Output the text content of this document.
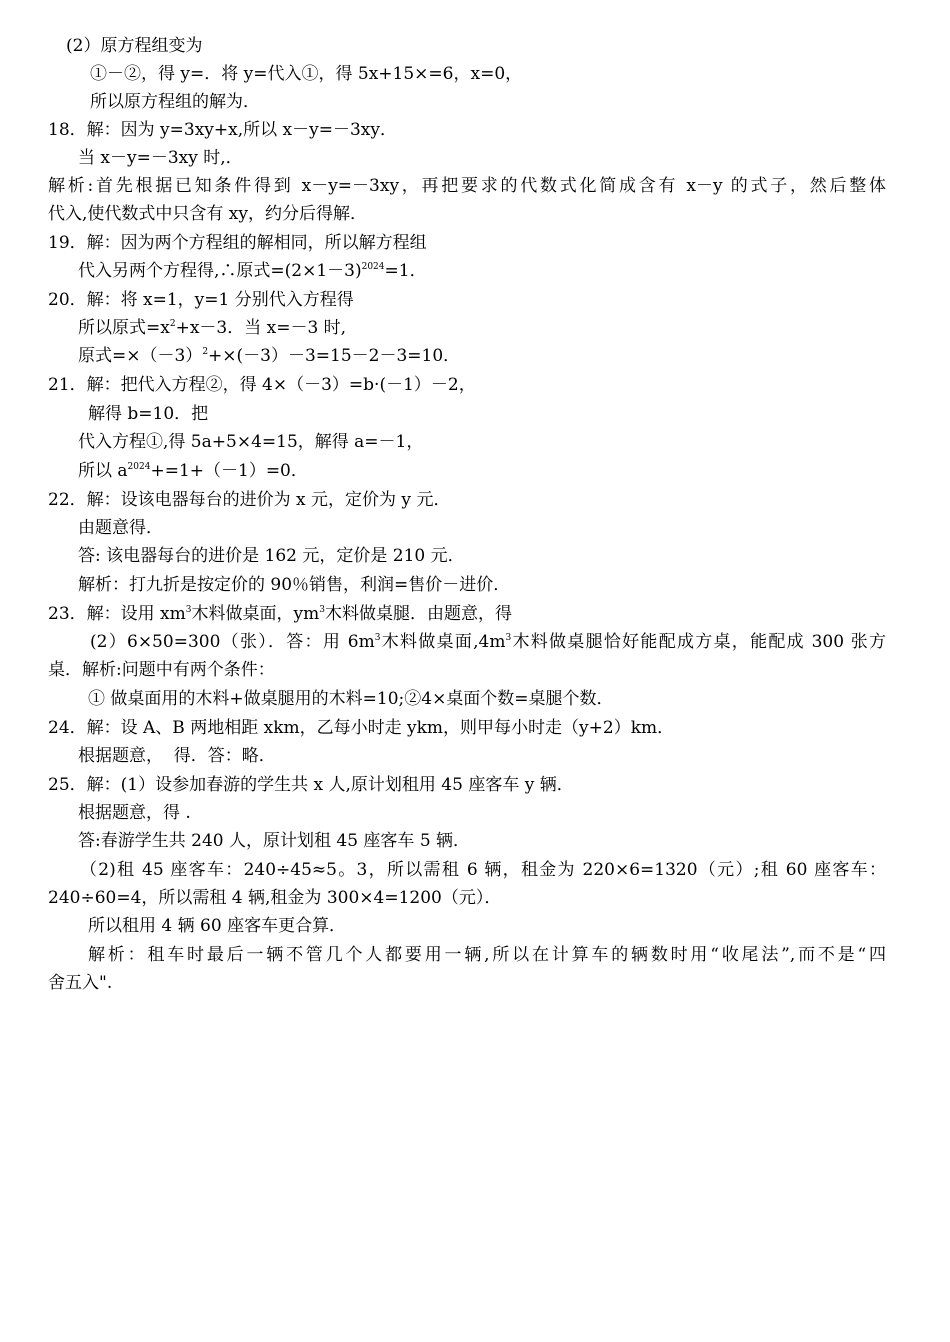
(2）原方程组变为
①－②，得 y=．将 y=代入①，得 5x+15×=6，x=0，
所以原方程组的解为．
18．解：因为 y=3xy+x,所以 x－y=－3xy．
当 x－y=－3xy 时,．
解析:首先根据已知条件得到 x－y=－3xy，再把要求的代数式化简成含有 x－y 的式子，然后整体
代入,使代数式中只含有 xy，约分后得解．
19．解：因为两个方程组的解相同，所以解方程组
代入另两个方程得,∴原式$=(2\times 1-3)^{2024}=1$．
20．解：将 x=1，y=1 分别代入方程得
所以原式$=x^2+x-3$．当 x=－3 时,
原式$=\times(-3)^2+\times(-3)-3=15-2-3=10$．
21．解：把代入方程②，得 4×（－3）=b·(－1）－2，
解得 b=10．把
代入方程①,得 5a+5×4=15，解得 a=－1，
所以 $a^{2024}+=1+(-1)=0$．
22．解：设该电器每台的进价为 x 元，定价为 y 元．
由题意得．
答: 该电器每台的进价是 162 元，定价是 210 元．
解析：打九折是按定价的 90％销售，利润=售价－进价．
23．解：设用 $xm^3$木料做桌面，$ym^3$木料做桌腿．由题意，得
(2）6×50=300（张）．答：用 $6m^3$木料做桌面$,4m^3$木料做桌腿恰好能配成方桌，能配成 300 张方
桌．解析:问题中有两个条件：
① 做桌面用的木料+做桌腿用的木料=10;②4×桌面个数=桌腿个数．
24．解：设 A、B 两地相距 xkm，乙每小时走 ykm，则甲每小时走（y+2）km．
根据题意，  得．答：略．
25．解：(1）设参加春游的学生共 x 人,原计划租用 45 座客车 y 辆．
根据题意，得 .
答:春游学生共 240 人，原计划租 45 座客车 5 辆．
（2)租 45 座客车：240÷45≈5。3，所以需租 6 辆，租金为 220×6=1320（元）;租 60 座客车：
240÷60=4，所以需租 4 辆,租金为 300×4=1200（元）．
所以租用 4 辆 60 座客车更合算．
解析：租车时最后一辆不管几个人都要用一辆,所以在计算车的辆数时用“收尾法”,而不是“四
舍五入".
